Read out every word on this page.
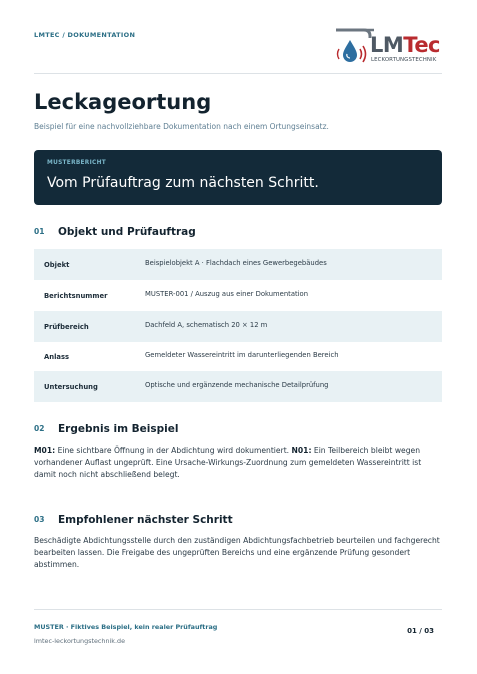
LMTEC / DOKUMENTATION	LMTec
LECKORTUNGSTECHNIK
Leckageortung
Beispiel für eine nachvollziehbare Dokumentation nach einem Ortungseinsatz.
MUSTERBERICHT
Vom Prüfauftrag zum nächsten Schritt.
01 Objekt und Prüfauftrag
Objekt	Beispielobjekt A · Flachdach eines Gewerbegebäudes
Berichtsnummer	MUSTER-001 / Auszug aus einer Dokumentation
Prüfbereich	Dachfeld A, schematisch 20 × 12 m
Anlass	Gemeldeter Wassereintritt im darunterliegenden Bereich
Untersuchung	Optische und ergänzende mechanische Detailprüfung
02 Ergebnis im Beispiel
M01: Eine sichtbare Öffnung in der Abdichtung wird dokumentiert. N01: Ein Teilbereich bleibt wegen vorhandener Auflast ungeprüft. Eine Ursache-Wirkungs-Zuordnung zum gemeldeten Wassereintritt ist damit noch nicht abschließend belegt.
03 Empfohlener nächster Schritt
Beschädigte Abdichtungsstelle durch den zuständigen Abdichtungsfachbetrieb beurteilen und fachgerecht bearbeiten lassen. Die Freigabe des ungeprüften Bereichs und eine ergänzende Prüfung gesondert abstimmen.
MUSTER · Fiktives Beispiel, kein realer Prüfauftrag
lmtec-leckortungstechnik.de
01 / 03
